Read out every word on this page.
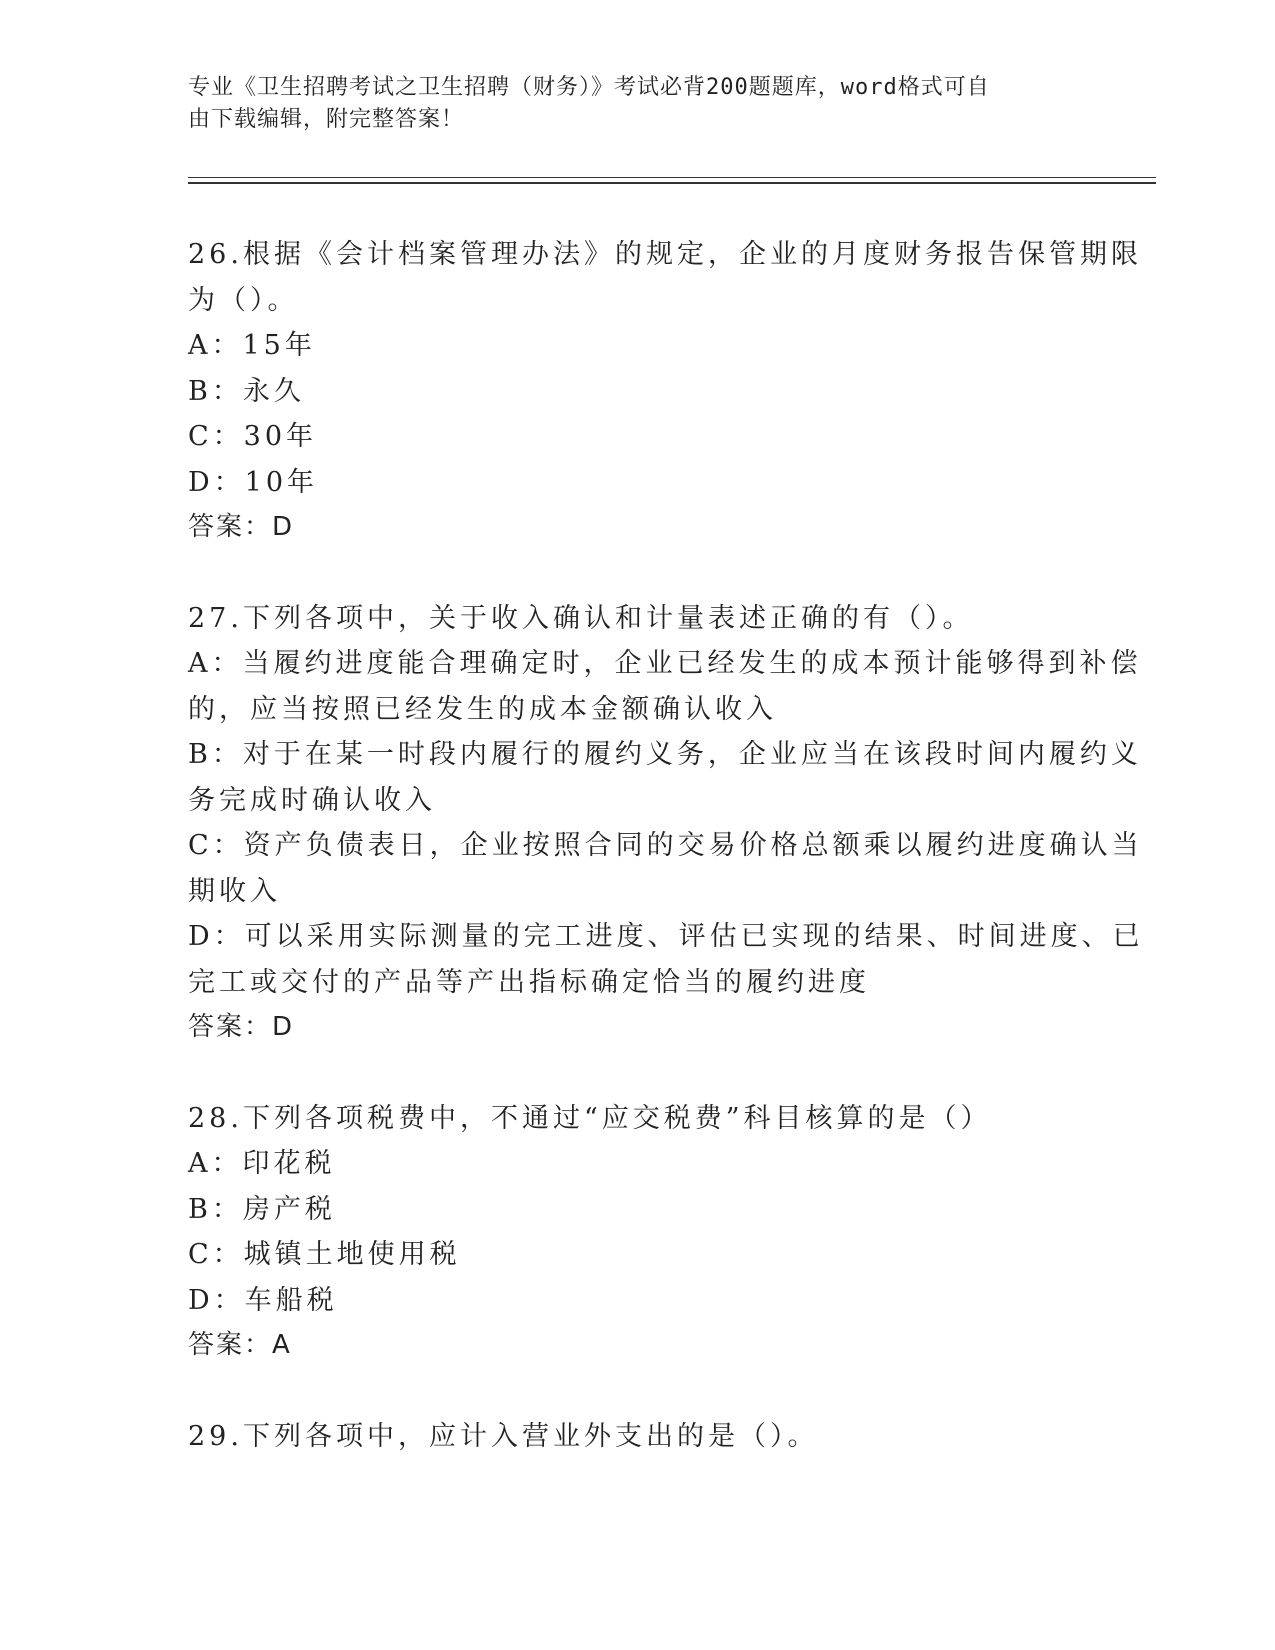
专业《卫生招聘考试之卫生招聘（财务）》考试必背200题题库，word格式可自
由下载编辑，附完整答案！
26.根据《会计档案管理办法》的规定，企业的月度财务报告保管期限
为（）。
A：15年
B：永久
C：30年
D：10年
答案：D
27.下列各项中，关于收入确认和计量表述正确的有（）。
A：当履约进度能合理确定时，企业已经发生的成本预计能够得到补偿
的，应当按照已经发生的成本金额确认收入
B：对于在某一时段内履行的履约义务，企业应当在该段时间内履约义
务完成时确认收入
C：资产负债表日，企业按照合同的交易价格总额乘以履约进度确认当
期收入
D：可以采用实际测量的完工进度、评估已实现的结果、时间进度、已
完工或交付的产品等产出指标确定恰当的履约进度
答案：D
28.下列各项税费中，不通过“应交税费”科目核算的是（）
A：印花税
B：房产税
C：城镇土地使用税
D：车船税
答案：A
29.下列各项中，应计入营业外支出的是（）。
